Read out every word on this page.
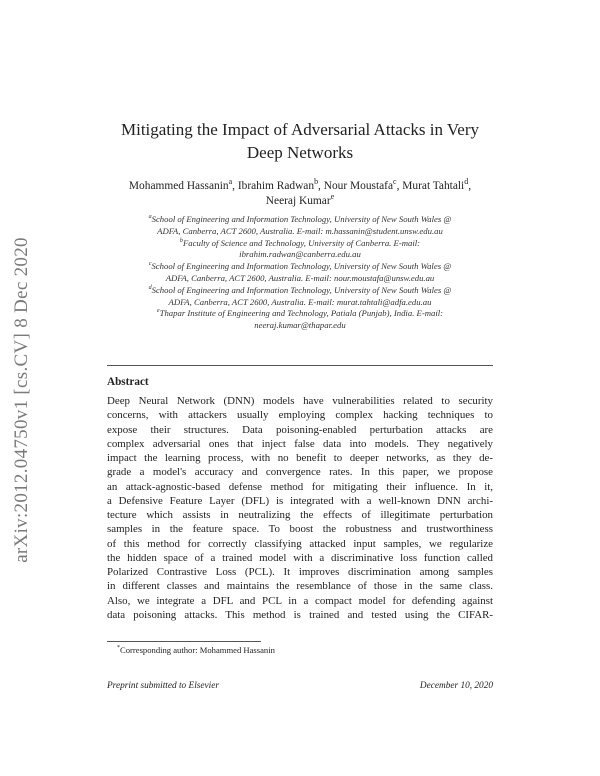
arXiv:2012.04750v1 [cs.CV] 8 Dec 2020
Mitigating the Impact of Adversarial Attacks in Very
Deep Networks
Mohammed Hassanin$^a$, Ibrahim Radwan$^b$, Nour Moustafa$^c$, Murat Tahtali$^d$,
Neeraj Kumar$^e$
$^a$School of Engineering and Information Technology, University of New South Wales @
ADFA, Canberra, ACT 2600, Australia. E-mail: m.hassanin@student.unsw.edu.au
$^b$Faculty of Science and Technology, University of Canberra. E-mail:
ibrahim.radwan@canberra.edu.au
$^c$School of Engineering and Information Technology, University of New South Wales @
ADFA, Canberra, ACT 2600, Australia. E-mail: nour.moustafa@unsw.edu.au
$^d$School of Engineering and Information Technology, University of New South Wales @
ADFA, Canberra, ACT 2600, Australia. E-mail: murat.tahtali@adfa.edu.au
$^e$Thapar Institute of Engineering and Technology, Patiala (Punjab), India. E-mail:
neeraj.kumar@thapar.edu
Abstract
Deep Neural Network (DNN) models have vulnerabilities related to security
concerns, with attackers usually employing complex hacking techniques to
expose their structures. Data poisoning-enabled perturbation attacks are
complex adversarial ones that inject false data into models. They negatively
impact the learning process, with no benefit to deeper networks, as they de-
grade a model's accuracy and convergence rates. In this paper, we propose
an attack-agnostic-based defense method for mitigating their influence. In it,
a Defensive Feature Layer (DFL) is integrated with a well-known DNN archi-
tecture which assists in neutralizing the effects of illegitimate perturbation
samples in the feature space. To boost the robustness and trustworthiness
of this method for correctly classifying attacked input samples, we regularize
the hidden space of a trained model with a discriminative loss function called
Polarized Contrastive Loss (PCL). It improves discrimination among samples
in different classes and maintains the resemblance of those in the same class.
Also, we integrate a DFL and PCL in a compact model for defending against
data poisoning attacks. This method is trained and tested using the CIFAR-
*Corresponding author: Mohammed Hassanin
Preprint submitted to Elsevier	December 10, 2020
